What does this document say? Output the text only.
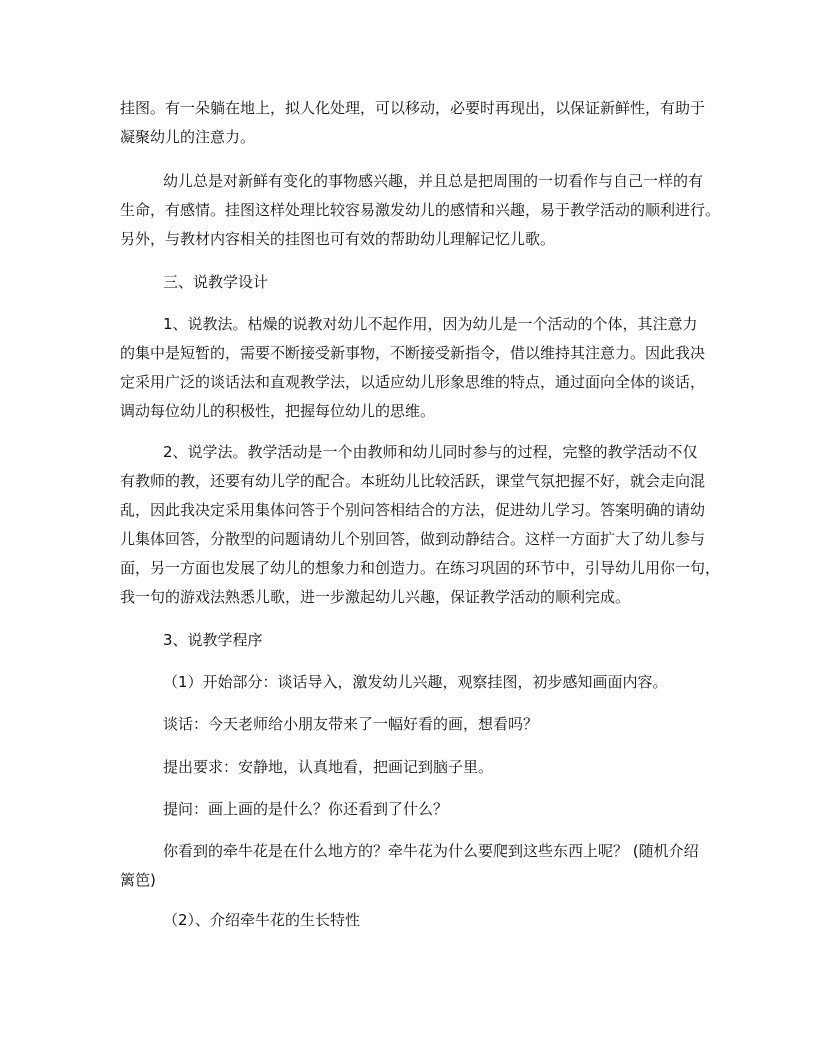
挂图。有一朵躺在地上，拟人化处理，可以移动，必要时再现出，以保证新鲜性，有助于
凝聚幼儿的注意力。
幼儿总是对新鲜有变化的事物感兴趣，并且总是把周围的一切看作与自己一样的有
生命，有感情。挂图这样处理比较容易激发幼儿的感情和兴趣，易于教学活动的顺利进行。
另外，与教材内容相关的挂图也可有效的帮助幼儿理解记忆儿歌。
三、说教学设计
1、说教法。枯燥的说教对幼儿不起作用，因为幼儿是一个活动的个体，其注意力
的集中是短暂的，需要不断接受新事物，不断接受新指令，借以维持其注意力。因此我决
定采用广泛的谈话法和直观教学法，以适应幼儿形象思维的特点，通过面向全体的谈话，
调动每位幼儿的积极性，把握每位幼儿的思维。
2、说学法。教学活动是一个由教师和幼儿同时参与的过程，完整的教学活动不仅
有教师的教，还要有幼儿学的配合。本班幼儿比较活跃，课堂气氛把握不好，就会走向混
乱，因此我决定采用集体问答于个别问答相结合的方法，促进幼儿学习。答案明确的请幼
儿集体回答，分散型的问题请幼儿个别回答，做到动静结合。这样一方面扩大了幼儿参与
面，另一方面也发展了幼儿的想象力和创造力。在练习巩固的环节中，引导幼儿用你一句，
我一句的游戏法熟悉儿歌，进一步激起幼儿兴趣，保证教学活动的顺利完成。
3、说教学程序
（1）开始部分：谈话导入，激发幼儿兴趣，观察挂图，初步感知画面内容。
谈话：今天老师给小朋友带来了一幅好看的画，想看吗？
提出要求：安静地，认真地看，把画记到脑子里。
提问：画上画的是什么？你还看到了什么？
你看到的牵牛花是在什么地方的？牵牛花为什么要爬到这些东西上呢？ (随机介绍
篱笆)
（2）、介绍牵牛花的生长特性
